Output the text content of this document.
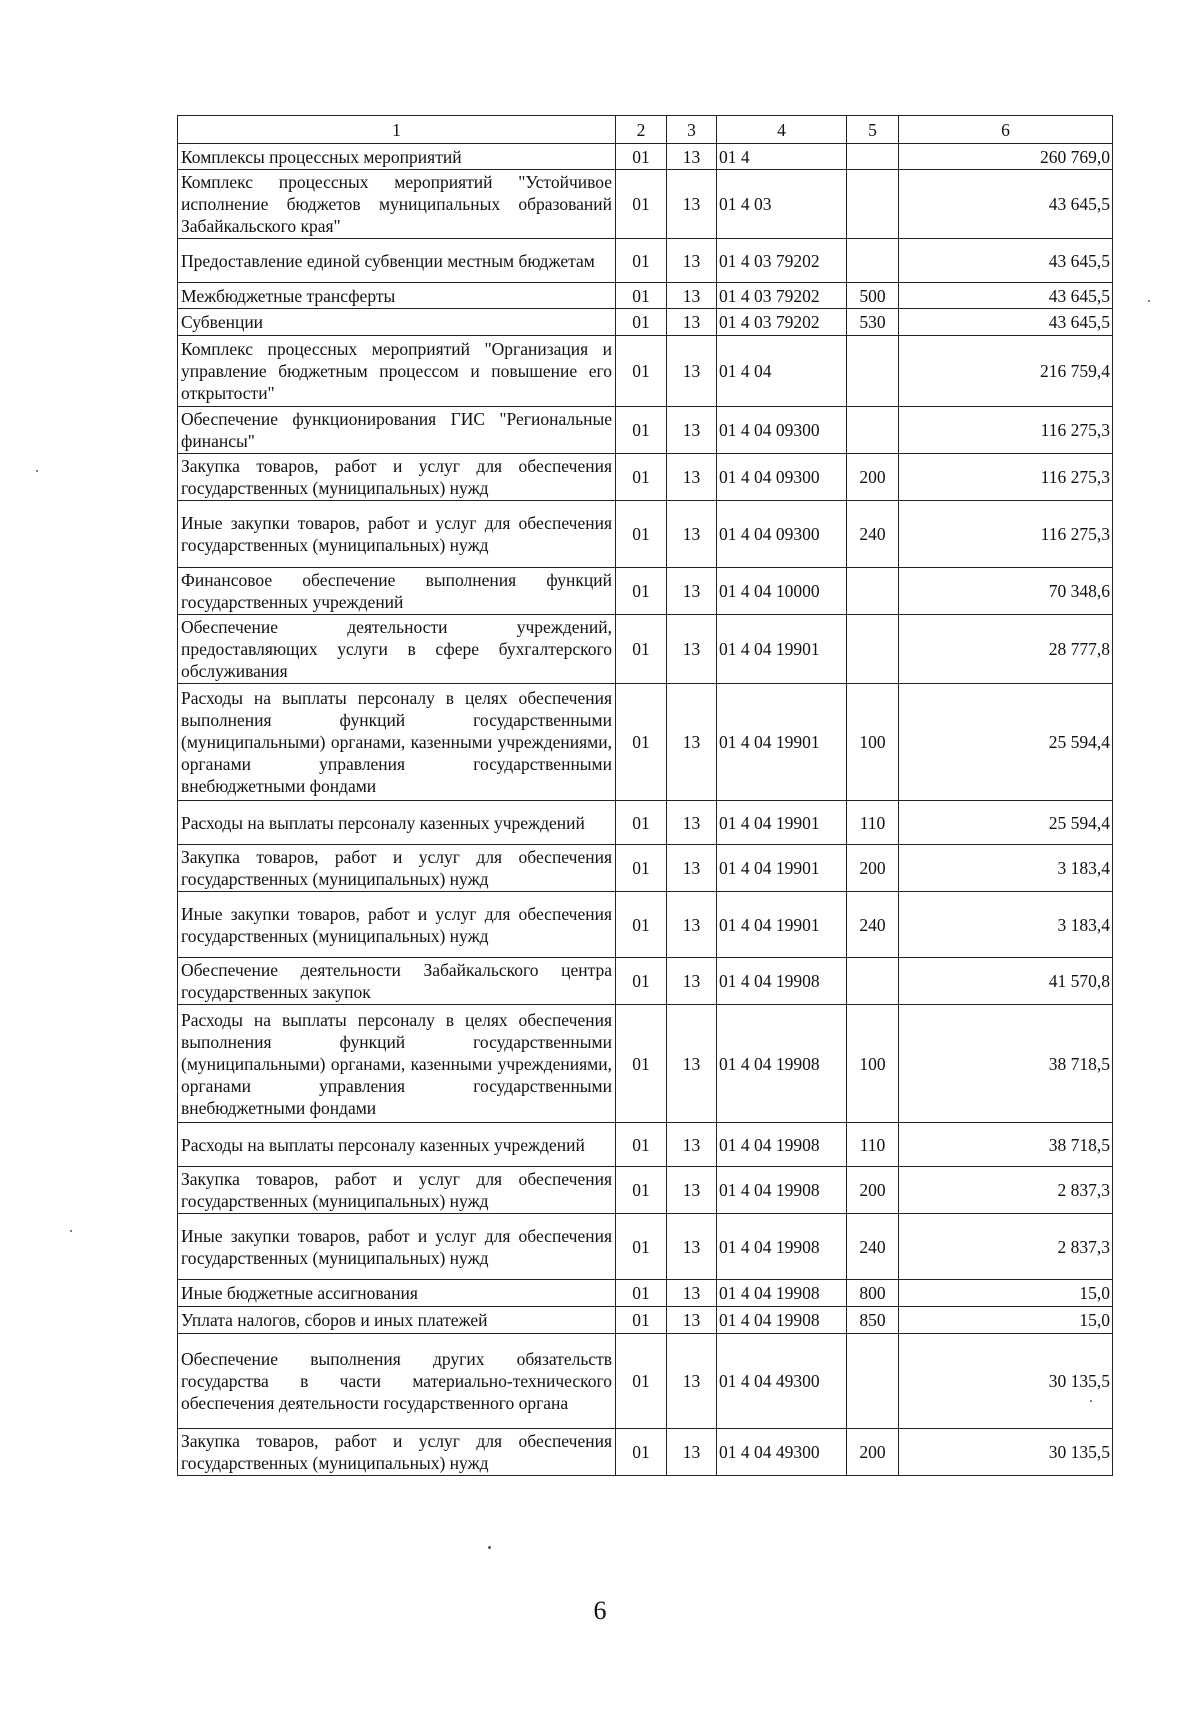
1	2	3	4	5	6
Комплексы процессных мероприятий	01	13	01 4		260 769,0
Комплекс процессных мероприятий "Устойчивое исполнение бюджетов муниципальных образований Забайкальского края"	01	13	01 4 03		43 645,5
Предоставление единой субвенции местным бюджетам	01	13	01 4 03 79202		43 645,5
Межбюджетные трансферты	01	13	01 4 03 79202	500	43 645,5
Субвенции	01	13	01 4 03 79202	530	43 645,5
Комплекс процессных мероприятий "Организация и управление бюджетным процессом и повышение его открытости"	01	13	01 4 04		216 759,4
Обеспечение функционирования ГИС "Региональные финансы"	01	13	01 4 04 09300		116 275,3
Закупка товаров, работ и услуг для обеспечения государственных (муниципальных) нужд	01	13	01 4 04 09300	200	116 275,3
Иные закупки товаров, работ и услуг для обеспечения государственных (муниципальных) нужд	01	13	01 4 04 09300	240	116 275,3
Финансовое обеспечение выполнения функций государственных учреждений	01	13	01 4 04 10000		70 348,6
Обеспечение деятельности учреждений, предоставляющих услуги в сфере бухгалтерского обслуживания	01	13	01 4 04 19901		28 777,8
Расходы на выплаты персоналу в целях обеспечения выполнения функций государственными (муниципальными) органами, казенными учреждениями, органами управления государственными внебюджетными фондами	01	13	01 4 04 19901	100	25 594,4
Расходы на выплаты персоналу казенных учреждений	01	13	01 4 04 19901	110	25 594,4
Закупка товаров, работ и услуг для обеспечения государственных (муниципальных) нужд	01	13	01 4 04 19901	200	3 183,4
Иные закупки товаров, работ и услуг для обеспечения государственных (муниципальных) нужд	01	13	01 4 04 19901	240	3 183,4
Обеспечение деятельности Забайкальского центра государственных закупок	01	13	01 4 04 19908		41 570,8
Расходы на выплаты персоналу в целях обеспечения выполнения функций государственными (муниципальными) органами, казенными учреждениями, органами управления государственными внебюджетными фондами	01	13	01 4 04 19908	100	38 718,5
Расходы на выплаты персоналу казенных учреждений	01	13	01 4 04 19908	110	38 718,5
Закупка товаров, работ и услуг для обеспечения государственных (муниципальных) нужд	01	13	01 4 04 19908	200	2 837,3
Иные закупки товаров, работ и услуг для обеспечения государственных (муниципальных) нужд	01	13	01 4 04 19908	240	2 837,3
Иные бюджетные ассигнования	01	13	01 4 04 19908	800	15,0
Уплата налогов, сборов и иных платежей	01	13	01 4 04 19908	850	15,0
Обеспечение выполнения других обязательств государства в части материально-технического обеспечения деятельности государственного органа	01	13	01 4 04 49300		30 135,5
Закупка товаров, работ и услуг для обеспечения государственных (муниципальных) нужд	01	13	01 4 04 49300	200	30 135,5
6
